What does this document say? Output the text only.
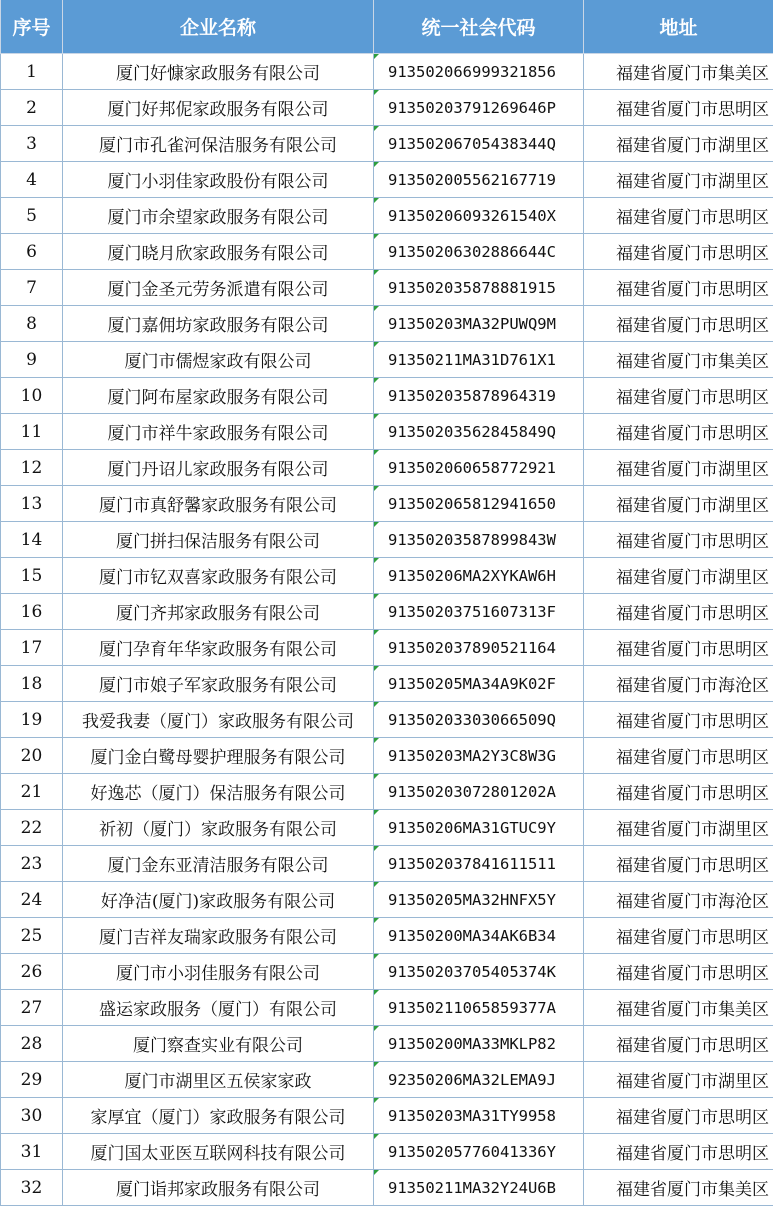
序号	企业名称	统一社会代码	地址
1	厦门好慷家政服务有限公司	913502066999321856	福建省厦门市集美区
2	厦门好邦伲家政服务有限公司	91350203791269646P	福建省厦门市思明区
3	厦门市孔雀河保洁服务有限公司	91350206705438344Q	福建省厦门市湖里区
4	厦门小羽佳家政股份有限公司	913502005562167719	福建省厦门市湖里区
5	厦门市余望家政服务有限公司	91350206093261540X	福建省厦门市思明区
6	厦门晓月欣家政服务有限公司	91350206302886644C	福建省厦门市思明区
7	厦门金圣元劳务派遣有限公司	913502035878881915	福建省厦门市思明区
8	厦门嘉佣坊家政服务有限公司	91350203MA32PUWQ9M	福建省厦门市思明区
9	厦门市儒煜家政有限公司	91350211MA31D761X1	福建省厦门市集美区
10	厦门阿布屋家政服务有限公司	913502035878964319	福建省厦门市思明区
11	厦门市祥牛家政服务有限公司	91350203562845849Q	福建省厦门市思明区
12	厦门丹诏儿家政服务有限公司	913502060658772921	福建省厦门市湖里区
13	厦门市真舒馨家政服务有限公司	913502065812941650	福建省厦门市湖里区
14	厦门拼扫保洁服务有限公司	91350203587899843W	福建省厦门市思明区
15	厦门市钇双喜家政服务有限公司	91350206MA2XYKAW6H	福建省厦门市湖里区
16	厦门齐邦家政服务有限公司	91350203751607313F	福建省厦门市思明区
17	厦门孕育年华家政服务有限公司	913502037890521164	福建省厦门市思明区
18	厦门市娘子军家政服务有限公司	91350205MA34A9K02F	福建省厦门市海沧区
19	我爱我妻（厦门）家政服务有限公司	91350203303066509Q	福建省厦门市思明区
20	厦门金白鹭母婴护理服务有限公司	91350203MA2Y3C8W3G	福建省厦门市思明区
21	好逸芯（厦门）保洁服务有限公司	91350203072801202A	福建省厦门市思明区
22	祈初（厦门）家政服务有限公司	91350206MA31GTUC9Y	福建省厦门市湖里区
23	厦门金东亚清洁服务有限公司	913502037841611511	福建省厦门市思明区
24	好净洁(厦门)家政服务有限公司	91350205MA32HNFX5Y	福建省厦门市海沧区
25	厦门吉祥友瑞家政服务有限公司	91350200MA34AK6B34	福建省厦门市思明区
26	厦门市小羽佳服务有限公司	91350203705405374K	福建省厦门市思明区
27	盛运家政服务（厦门）有限公司	91350211065859377A	福建省厦门市集美区
28	厦门察查实业有限公司	91350200MA33MKLP82	福建省厦门市思明区
29	厦门市湖里区五侯家家政	92350206MA32LEMA9J	福建省厦门市湖里区
30	家厚宜（厦门）家政服务有限公司	91350203MA31TY9958	福建省厦门市思明区
31	厦门国太亚医互联网科技有限公司	91350205776041336Y	福建省厦门市思明区
32	厦门诣邦家政服务有限公司	91350211MA32Y24U6B	福建省厦门市集美区
